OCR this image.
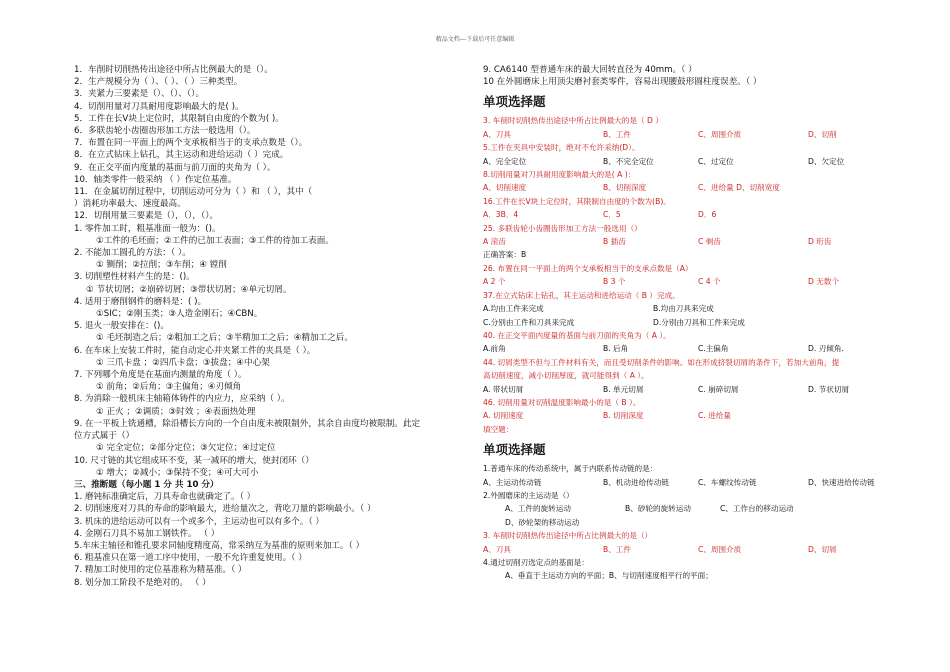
精品文档---下载后可任意编辑
1．车削时切削热传出途径中所占比例最大的是（）。
2．生产规模分为（ ）、（ ）、（ ）三种类型。
3．夹紧力三要素是（）、（）、（）。
4．切削用量对刀具耐用度影响最大的是( )。
5．工件在长V块上定位时，其限制自由度的个数为( )。
6．多联齿轮小齿圈齿形加工方法一般选用（）。
7．布置在同一平面上的两个支承板相当于的支承点数是（）。
8．在立式钻床上钻孔，其主运动和进给运动（ ）完成。
9．在正交平面内度量的基面与前刀面的夹角为（ ）。
10．轴类零件一般采纳 （ ）作定位基准。
11．在金属切削过程中，切削运动可分为（ ）和 （ ），其中（
）消耗功率最大、速度最高。
12．切削用量三要素是（），（），（）。
1. 零件加工时，粗基准面一般为：()。
①工件的毛坯面；②工件的已加工表面；③工件的待加工表面。
2. 不能加工圆孔的方法：（ ）。
① 铡削；②拉削；③车削；④ 镗削
3. 切削塑性材料产生的是：()。
① 节状切屑；②崩碎切屑；③带状切屑；④单元切屑。
4. 适用于磨削钢件的磨料是：( )。
①SIC；②刚玉类；③人造金刚石；④CBN。
5. 退火一般安排在：()。
① 毛坯制造之后；②粗加工之后；③半精加工之后；④精加工之后。
6. 在车床上安装工件时，能自动定心并夹紧工件的夹具是（ ）。
① 三爪卡盘 ；②四爪卡盘；③拔盘；④中心架
7. 下列哪个角度是在基面内测量的角度（ ）。
① 前角；②后角；③主偏角；④刃倾角
8. 为消除一般机床主轴箱体铸件的内应力，应采纳（ ）。
① 正火 ；②调质；③时效 ；④表面热处理
9. 在一平板上铣通槽，除沿槽长方向的一个自由度未被限制外，其余自由度均被限制。此定
位方式属于（）
① 完全定位；②部分定位；③欠定位；④过定位
10. 尺寸链的其它组成环不变，某一减环的增大，使封闭环（）
① 增大；②减小；③保持不变；④可大可小
三、推断题（每小题 1 分 共 10 分）
1. 磨钝标准确定后，刀具寿命也就确定了。（ ）
2. 切削速度对刀具的寿命的影响最大，进给量次之，背吃刀量的影响最小。（ ）
3. 机床的进给运动可以有一个或多个，主运动也可以有多个。（ ）
4. 金刚石刀具不易加工钢铁件。 （ ）
5.车床主轴径和锥孔要求同轴度精度高，常采纳互为基准的原则来加工。（ ）
6. 粗基准只在第一道工序中使用，一般不允许重复使用。（ ）
7. 精加工时使用的定位基准称为精基准。（ ）
8. 划分加工阶段不是绝对的。 （ ）
9. CA6140 型普通车床的最大回转直径为 40mm。（ ）
10 在外圆磨床上用顶尖磨衬套类零件，容易出现腰鼓形圆柱度误差。（ ）
单项选择题
3. 车削时切削热传出途径中所占比例最大的是（ D ）
A、刀具	B、工件	C、周围介质	D、切削
5.工件在夹具中安装时，绝对不允许采纳(D）。
A、完全定位	B、不完全定位	C、过定位	D、欠定位
8.切削用量对刀具耐用度影响最大的是( A )：
A、切削速度	B、切削深度	C、进给量 D、切削宽度
16.工件在长Ⅴ块上定位时，其限制自由度的个数为(B)。
A．3B．4	C．5	D．6
25. 多联齿轮小齿圈齿形加工方法一般选用（）
A 滚齿	B 插齿	C 剃齿	D 珩齿
正确答案：B
26. 布置在同一平面上的两个支承板相当于的支承点数是（A）
A 2 个	B 3 个	C 4 个	D 无数个
37.在立式钻床上钻孔，其主运动和进给运动（ B ）完成。
A.均由工件来完成	B.均由刀具来完成
C.分别由工件和刀具来完成	D.分别由刀具和工件来完成
40. 在正交平面内度量的基面与前刀面的夹角为（ A ）。
A.前角	B. 后角	C.主偏角	D. 刃倾角.
44. 切屑类型不但与工件材料有关，而且受切削条件的影响。如在形成挤裂切屑的条件下，若加大前角，提
高切削速度，减小切削厚度，就可能得到（ A ）。
A. 带状切屑	B. 单元切屑	C. 崩碎切屑	D. 节状切屑
46. 切削用量对切削温度影响最小的是（ B ）。
A. 切削速度	B. 切削深度	C. 进给量
填空题：
单项选择题
1.普通车床的传动系统中，属于内联系传动链的是：
A、主运动传动链	B、机动进给传动链	C、车螺纹传动链	D、快速进给传动链
2.外圆磨床的主运动是（）
A、工件的旋转运动	B、砂轮的旋转运动	C、工作台的移动运动
D、砂轮架的移动运动
3. 车削时切削热传出途径中所占比例最大的是（）
A、刀具	B、工件	C、周围介质	D、切屑
4.通过切削刃选定点的基面是：
A、垂直于主运动方向的平面；B、与切削速度相平行的平面；
